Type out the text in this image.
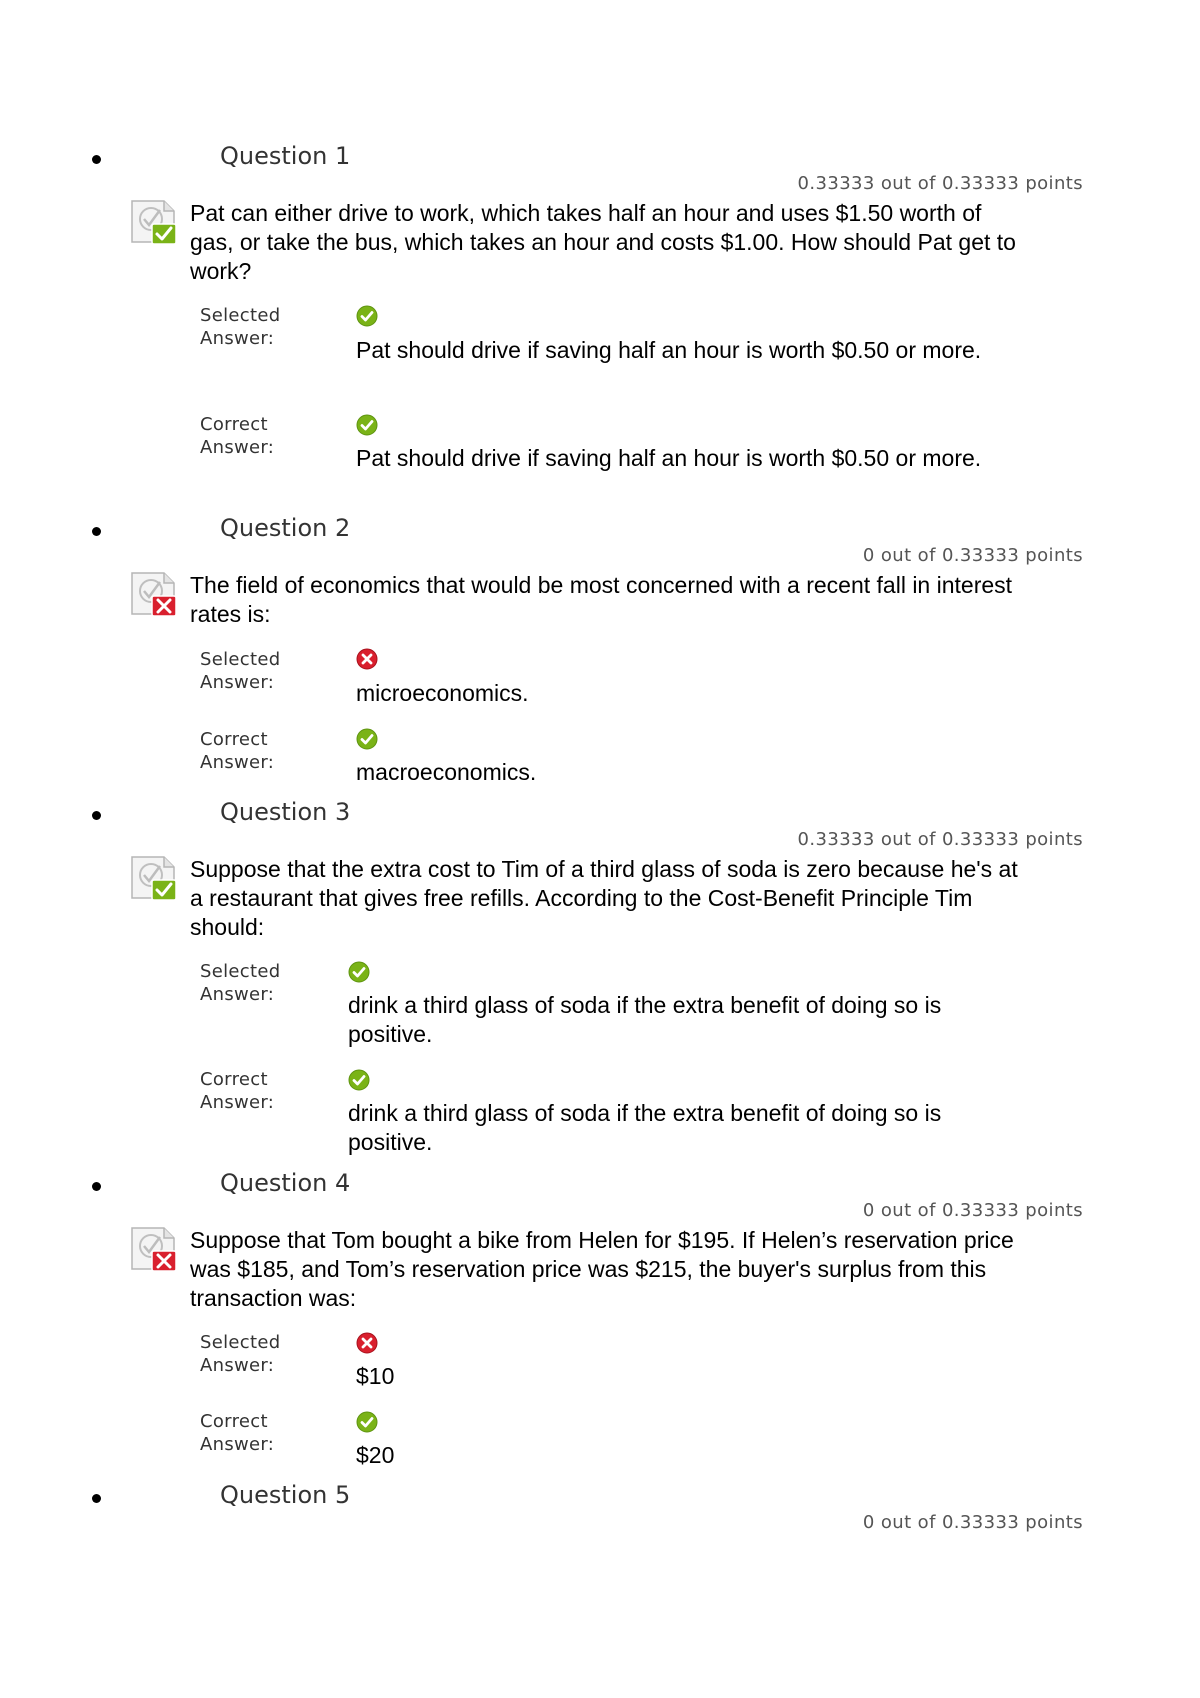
Question 1
0.33333 out of 0.33333 points
Pat can either drive to work, which takes half an hour and uses $1.50 worth of gas, or take the bus, which takes an hour and costs $1.00. How should Pat get to work?
Selected
Answer:	Pat should drive if saving half an hour is worth $0.50 or more.
Correct
Answer:	Pat should drive if saving half an hour is worth $0.50 or more.
Question 2
0 out of 0.33333 points
The field of economics that would be most concerned with a recent fall in interest rates is:
Selected
Answer:	microeconomics.
Correct
Answer:	macroeconomics.
Question 3
0.33333 out of 0.33333 points
Suppose that the extra cost to Tim of a third glass of soda is zero because he's at a restaurant that gives free refills. According to the Cost-Benefit Principle Tim should:
Selected
Answer:	drink a third glass of soda if the extra benefit of doing so is positive.
Correct
Answer:	drink a third glass of soda if the extra benefit of doing so is positive.
Question 4
0 out of 0.33333 points
Suppose that Tom bought a bike from Helen for $195. If Helen’s reservation price was $185, and Tom’s reservation price was $215, the buyer's surplus from this transaction was:
Selected
Answer:	$10
Correct
Answer:	$20
Question 5
0 out of 0.33333 points
